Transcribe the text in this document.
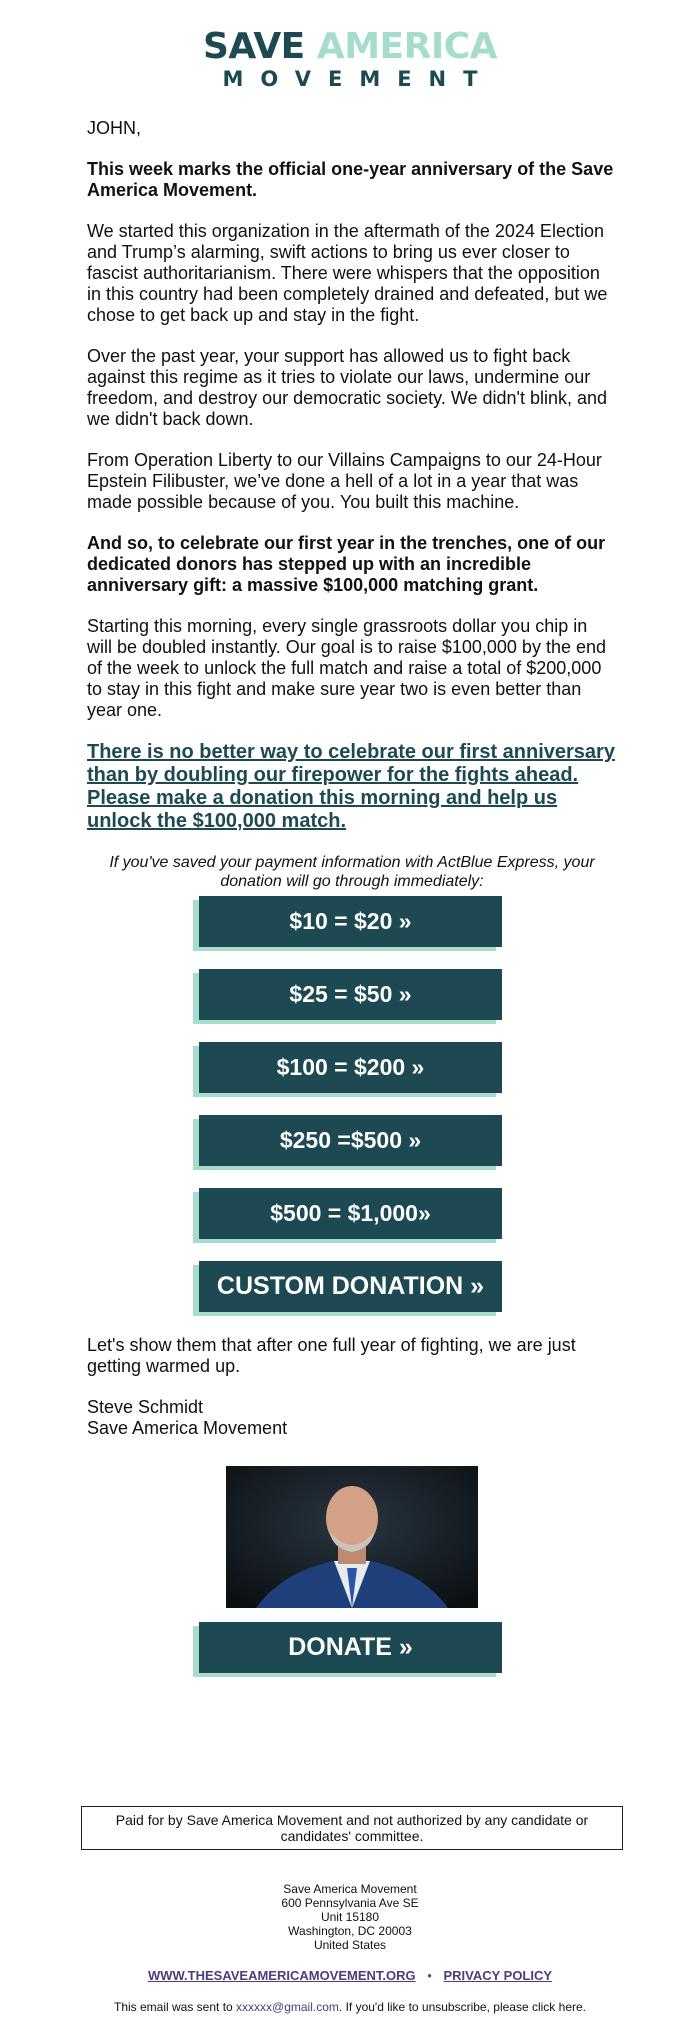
SAVE AMERICA
MOVEMENT

JOHN,

This week marks the official one-year anniversary of the Save America Movement.

We started this organization in the aftermath of the 2024 Election and Trump’s alarming, swift actions to bring us ever closer to fascist authoritarianism. There were whispers that the opposition in this country had been completely drained and defeated, but we chose to get back up and stay in the fight.

Over the past year, your support has allowed us to fight back against this regime as it tries to violate our laws, undermine our freedom, and destroy our democratic society. We didn't blink, and we didn't back down.

From Operation Liberty to our Villains Campaigns to our 24-Hour Epstein Filibuster, we’ve done a hell of a lot in a year that was made possible because of you. You built this machine.

And so, to celebrate our first year in the trenches, one of our dedicated donors has stepped up with an incredible anniversary gift: a massive $100,000 matching grant.

Starting this morning, every single grassroots dollar you chip in will be doubled instantly. Our goal is to raise $100,000 by the end of the week to unlock the full match and raise a total of $200,000 to stay in this fight and make sure year two is even better than year one.

There is no better way to celebrate our first anniversary than by doubling our firepower for the fights ahead. Please make a donation this morning and help us unlock the $100,000 match.
If you've saved your payment information with ActBlue Express, your donation will go through immediately:
$10 = $20 »
$25 = $50 »
$100 = $200 »
$250 =$500 »
$500 = $1,000»
CUSTOM DONATION »

Let's show them that after one full year of fighting, we are just getting warmed up.

Steve Schmidt
Save America Movement

DONATE »
Paid for by Save America Movement and not authorized by any candidate or candidates' committee.
Save America Movement
600 Pennsylvania Ave SE
Unit 15180
Washington, DC 20003
United States
WWW.THESAVEAMERICAMOVEMENT.ORG • PRIVACY POLICY
This email was sent to xxxxxx@gmail.com. If you'd like to unsubscribe, please click here.
